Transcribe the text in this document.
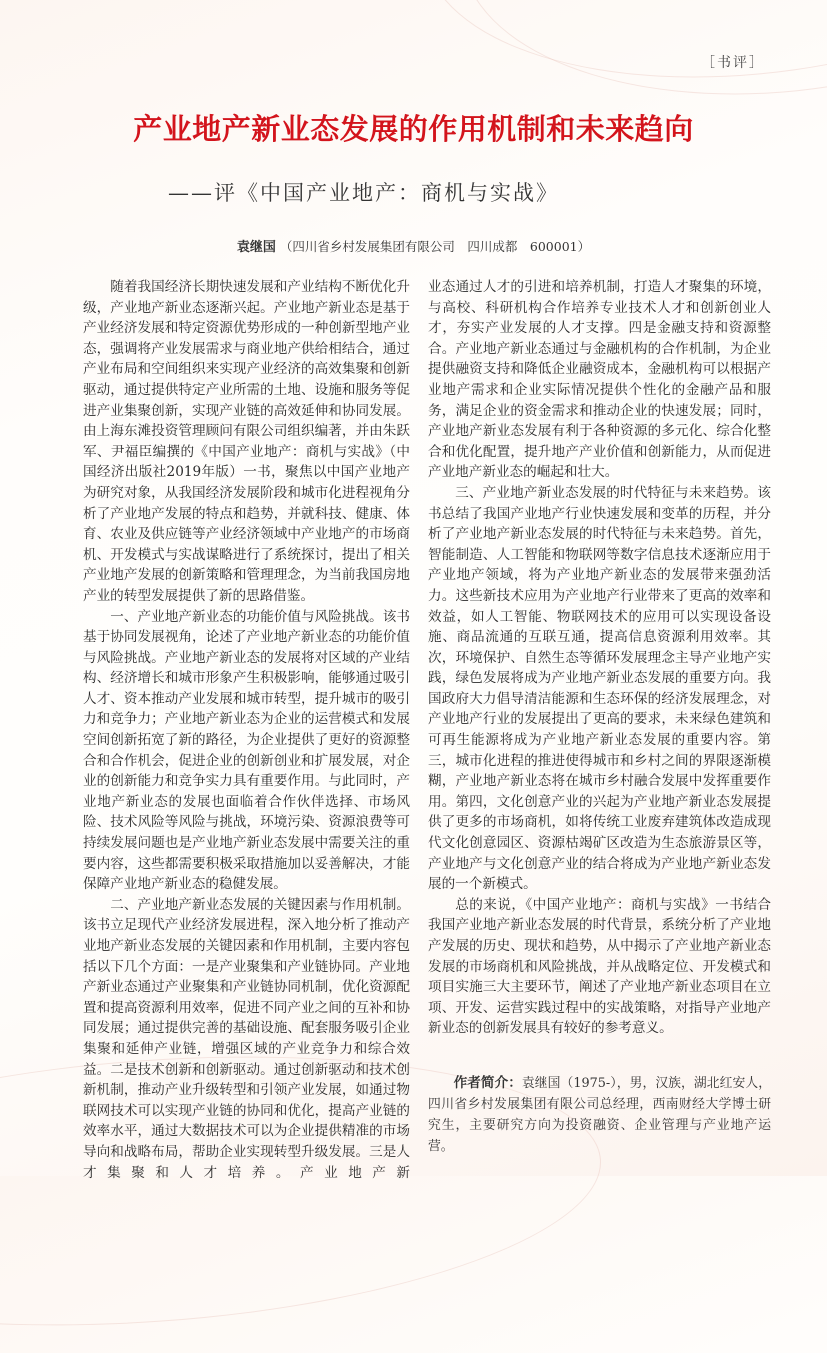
［书评］
产业地产新业态发展的作用机制和未来趋向
——评《中国产业地产：商机与实战》
袁继国 （四川省乡村发展集团有限公司　四川成都　600001）

随着我国经济长期快速发展和产业结构不断优化升级，产业地产新业态逐渐兴起。产业地产新业态是基于产业经济发展和特定资源优势形成的一种创新型地产业态，强调将产业发展需求与商业地产供给相结合，通过产业布局和空间组织来实现产业经济的高效集聚和创新驱动，通过提供特定产业所需的土地、设施和服务等促进产业集聚创新，实现产业链的高效延伸和协同发展。由上海东滩投资管理顾问有限公司组织编著，并由朱跃军、尹福臣编撰的《中国产业地产：商机与实战》（中国经济出版社2019年版）一书，聚焦以中国产业地产为研究对象，从我国经济发展阶段和城市化进程视角分析了产业地产发展的特点和趋势，并就科技、健康、体育、农业及供应链等产业经济领域中产业地产的市场商机、开发模式与实战谋略进行了系统探讨，提出了相关产业地产发展的创新策略和管理理念，为当前我国房地产业的转型发展提供了新的思路借鉴。

一、产业地产新业态的功能价值与风险挑战。该书基于协同发展视角，论述了产业地产新业态的功能价值与风险挑战。产业地产新业态的发展将对区域的产业结构、经济增长和城市形象产生积极影响，能够通过吸引人才、资本推动产业发展和城市转型，提升城市的吸引力和竞争力；产业地产新业态为企业的运营模式和发展空间创新拓宽了新的路径，为企业提供了更好的资源整合和合作机会，促进企业的创新创业和扩展发展，对企业的创新能力和竞争实力具有重要作用。与此同时，产业地产新业态的发展也面临着合作伙伴选择、市场风险、技术风险等风险与挑战，环境污染、资源浪费等可持续发展问题也是产业地产新业态发展中需要关注的重要内容，这些都需要积极采取措施加以妥善解决，才能保障产业地产新业态的稳健发展。

二、产业地产新业态发展的关键因素与作用机制。该书立足现代产业经济发展进程，深入地分析了推动产业地产新业态发展的关键因素和作用机制，主要内容包括以下几个方面：一是产业聚集和产业链协同。产业地产新业态通过产业聚集和产业链协同机制，优化资源配置和提高资源利用效率，促进不同产业之间的互补和协同发展；通过提供完善的基础设施、配套服务吸引企业集聚和延伸产业链，增强区域的产业竞争力和综合效益。二是技术创新和创新驱动。通过创新驱动和技术创新机制，推动产业升级转型和引领产业发展，如通过物联网技术可以实现产业链的协同和优化，提高产业链的效率水平，通过大数据技术可以为企业提供精准的市场导向和战略布局，帮助企业实现转型升级发展。三是人才集聚和人才培养。产业地产新

业态通过人才的引进和培养机制，打造人才聚集的环境，与高校、科研机构合作培养专业技术人才和创新创业人才，夯实产业发展的人才支撑。四是金融支持和资源整合。产业地产新业态通过与金融机构的合作机制，为企业提供融资支持和降低企业融资成本，金融机构可以根据产业地产需求和企业实际情况提供个性化的金融产品和服务，满足企业的资金需求和推动企业的快速发展；同时，产业地产新业态发展有利于各种资源的多元化、综合化整合和优化配置，提升地产产业价值和创新能力，从而促进产业地产新业态的崛起和壮大。

三、产业地产新业态发展的时代特征与未来趋势。该书总结了我国产业地产行业快速发展和变革的历程，并分析了产业地产新业态发展的时代特征与未来趋势。首先，智能制造、人工智能和物联网等数字信息技术逐渐应用于产业地产领域，将为产业地产新业态的发展带来强劲活力。这些新技术应用为产业地产行业带来了更高的效率和效益，如人工智能、物联网技术的应用可以实现设备设施、商品流通的互联互通，提高信息资源利用效率。其次，环境保护、自然生态等循环发展理念主导产业地产实践，绿色发展将成为产业地产新业态发展的重要方向。我国政府大力倡导清洁能源和生态环保的经济发展理念，对产业地产行业的发展提出了更高的要求，未来绿色建筑和可再生能源将成为产业地产新业态发展的重要内容。第三，城市化进程的推进使得城市和乡村之间的界限逐渐模糊，产业地产新业态将在城市乡村融合发展中发挥重要作用。第四，文化创意产业的兴起为产业地产新业态发展提供了更多的市场商机，如将传统工业废弃建筑体改造成现代文化创意园区、资源枯竭矿区改造为生态旅游景区等，产业地产与文化创意产业的结合将成为产业地产新业态发展的一个新模式。

总的来说，《中国产业地产：商机与实战》一书结合我国产业地产新业态发展的时代背景，系统分析了产业地产发展的历史、现状和趋势，从中揭示了产业地产新业态发展的市场商机和风险挑战，并从战略定位、开发模式和项目实施三大主要环节，阐述了产业地产新业态项目在立项、开发、运营实践过程中的实战策略，对指导产业地产新业态的创新发展具有较好的参考意义。

作者简介：袁继国（1975-），男，汉族，湖北红安人，四川省乡村发展集团有限公司总经理，西南财经大学博士研究生，主要研究方向为投资融资、企业管理与产业地产运营。
